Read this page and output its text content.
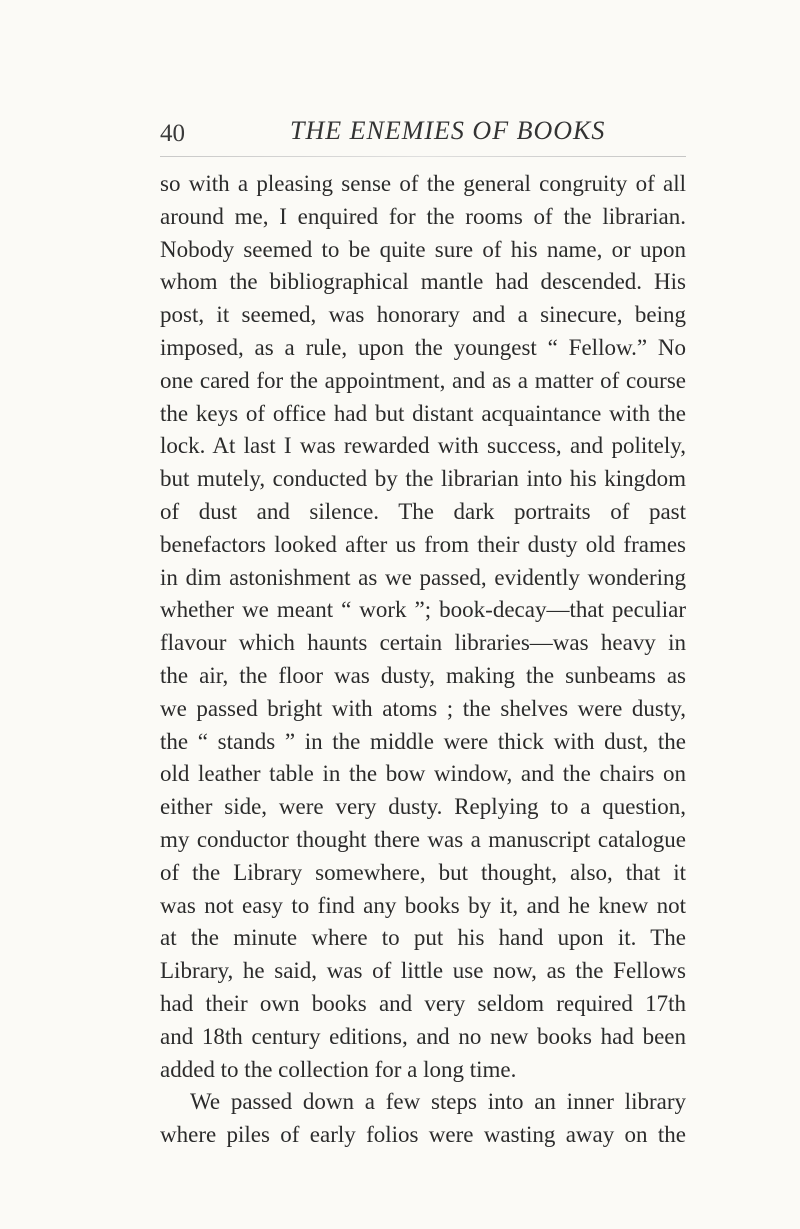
40	THE ENEMIES OF BOOKS
so with a pleasing sense of the general congruity of all
around me, I enquired for the rooms of the librarian.
Nobody seemed to be quite sure of his name, or upon
whom the bibliographical mantle had descended. His
post, it seemed, was honorary and a sinecure, being
imposed, as a rule, upon the youngest “ Fellow.” No
one cared for the appointment, and as a matter of course
the keys of office had but distant acquaintance with the
lock. At last I was rewarded with success, and politely,
but mutely, conducted by the librarian into his kingdom
of dust and silence. The dark portraits of past
benefactors looked after us from their dusty old frames
in dim astonishment as we passed, evidently wondering
whether we meant “ work ”; book-decay—that peculiar
flavour which haunts certain libraries—was heavy in
the air, the floor was dusty, making the sunbeams as
we passed bright with atoms ; the shelves were dusty,
the “ stands ” in the middle were thick with dust, the
old leather table in the bow window, and the chairs on
either side, were very dusty. Replying to a question,
my conductor thought there was a manuscript catalogue
of the Library somewhere, but thought, also, that it
was not easy to find any books by it, and he knew not
at the minute where to put his hand upon it. The
Library, he said, was of little use now, as the Fellows
had their own books and very seldom required 17th
and 18th century editions, and no new books had been
added to the collection for a long time.
We passed down a few steps into an inner library
where piles of early folios were wasting away on the
